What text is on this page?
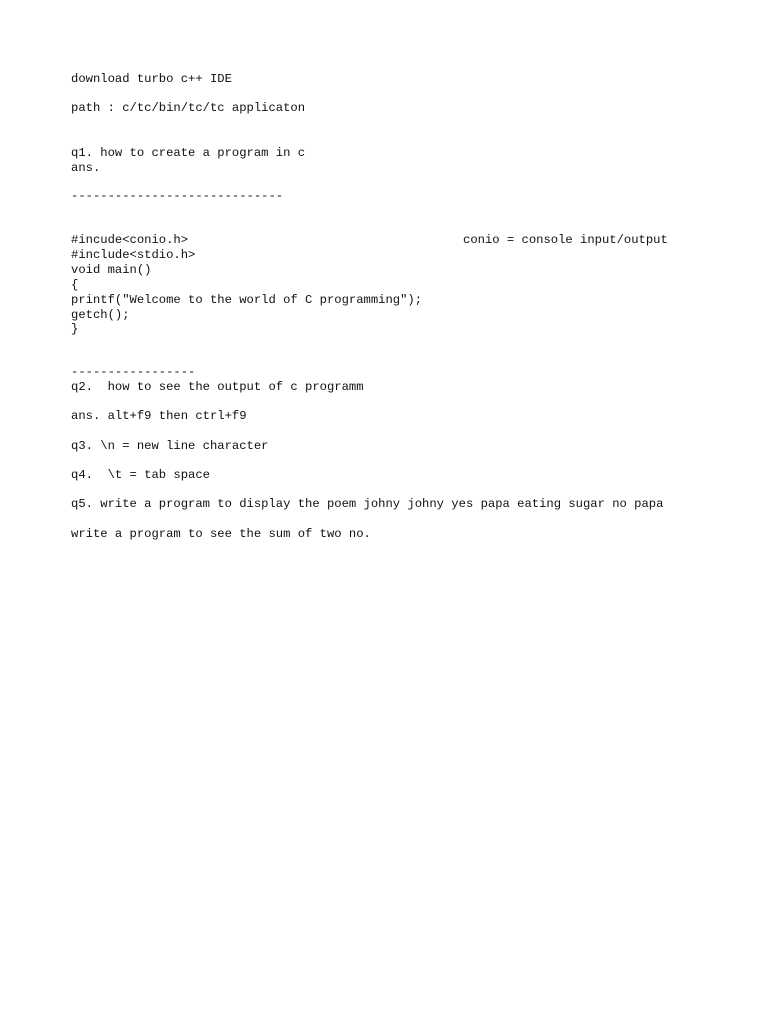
download turbo c++ IDE

path : c/tc/bin/tc/tc applicaton

q1. how to create a program in c

ans.

-----------------------------

#incude<conio.h>	conio = console input/output

#include<stdio.h>

void main()

{

printf("Welcome to the world of C programming");

getch();

}

-----------------

q2.  how to see the output of c programm

ans. alt+f9 then ctrl+f9

q3. \n = new line character

q4.  \t = tab space

q5. write a program to display the poem johny johny yes papa eating sugar no papa

write a program to see the sum of two no.
